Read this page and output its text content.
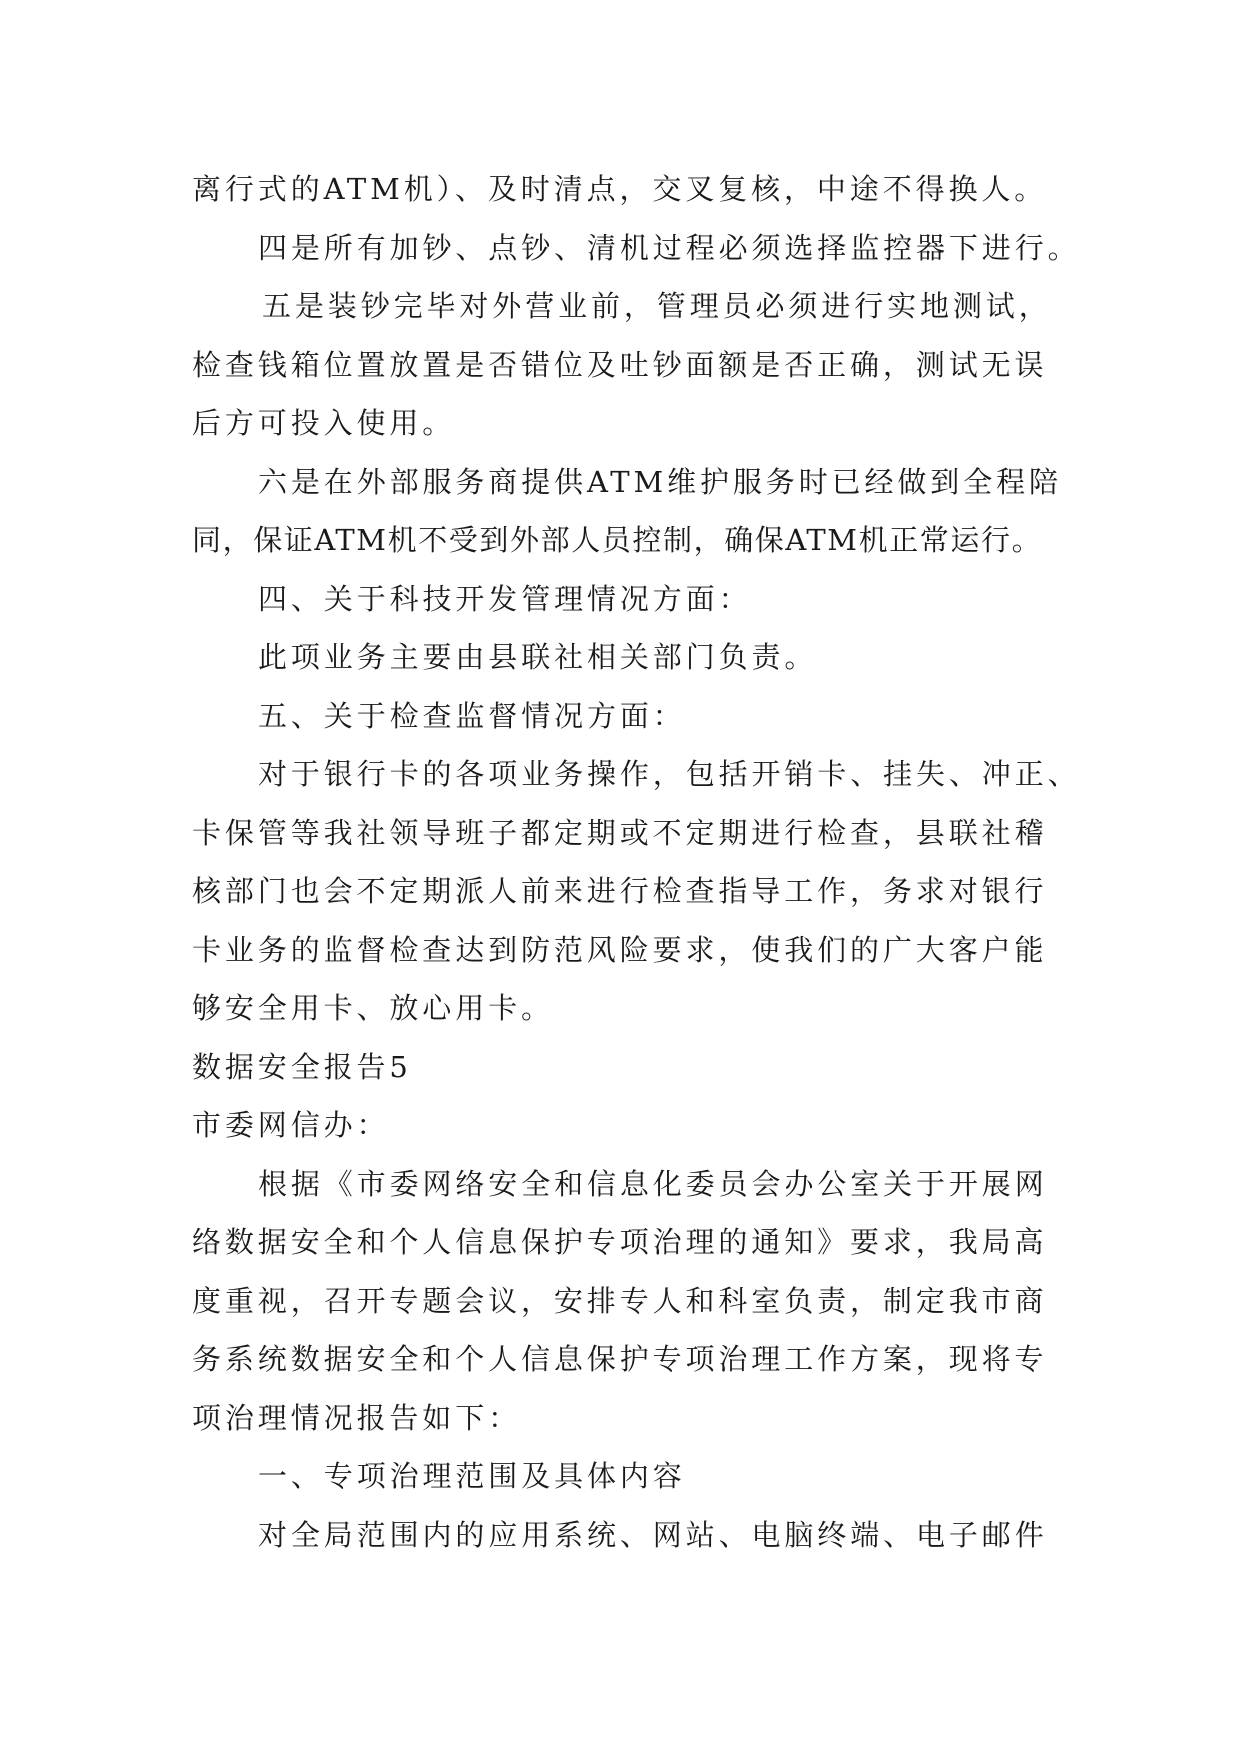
离行式的ATM机）、及时清点，交叉复核，中途不得换人。
四是所有加钞、点钞、清机过程必须选择监控器下进行。
五是装钞完毕对外营业前，管理员必须进行实地测试，
检查钱箱位置放置是否错位及吐钞面额是否正确，测试无误
后方可投入使用。
六是在外部服务商提供ATM维护服务时已经做到全程陪
同，保证ATM机不受到外部人员控制，确保ATM机正常运行。
四、关于科技开发管理情况方面：
此项业务主要由县联社相关部门负责。
五、关于检查监督情况方面：
对于银行卡的各项业务操作，包括开销卡、挂失、冲正、
卡保管等我社领导班子都定期或不定期进行检查，县联社稽
核部门也会不定期派人前来进行检查指导工作，务求对银行
卡业务的监督检查达到防范风险要求，使我们的广大客户能
够安全用卡、放心用卡。
数据安全报告5
市委网信办：
根据《市委网络安全和信息化委员会办公室关于开展网
络数据安全和个人信息保护专项治理的通知》要求，我局高
度重视，召开专题会议，安排专人和科室负责，制定我市商
务系统数据安全和个人信息保护专项治理工作方案，现将专
项治理情况报告如下：
一、专项治理范围及具体内容
对全局范围内的应用系统、网站、电脑终端、电子邮件
